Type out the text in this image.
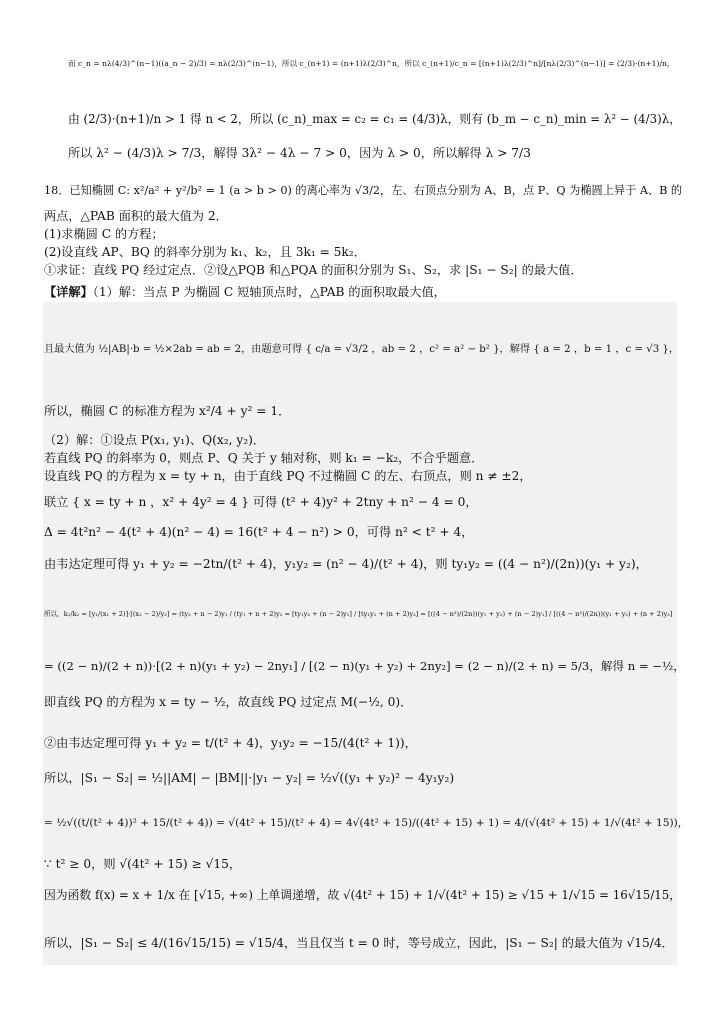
而 c_n = nλ(4/3)^(n−1)((a_n − 2)/3) = nλ(2/3)^(n−1)，所以 c_(n+1) = (n+1)λ(2/3)^n，所以 c_(n+1)/c_n = [(n+1)λ(2/3)^n]/[nλ(2/3)^(n−1)] = (2/3)·(n+1)/n，
由 (2/3)·(n+1)/n > 1 得 n < 2，所以 (c_n)_max = c₂ = c₁ = (4/3)λ，则有 (b_m − c_n)_min = λ² − (4/3)λ，
所以 λ² − (4/3)λ > 7/3，解得 3λ² − 4λ − 7 > 0，因为 λ > 0，所以解得 λ > 7/3
18．已知椭圆 C: x²/a² + y²/b² = 1 (a > b > 0) 的离心率为 √3/2，左、右顶点分别为 A、B，点 P、Q 为椭圆上异于 A、B 的
两点，△PAB 面积的最大值为 2．
(1)求椭圆 C 的方程；
(2)设直线 AP、BQ 的斜率分别为 k₁、k₂，且 3k₁ = 5k₂．
①求证：直线 PQ 经过定点．②设△PQB 和△PQA 的面积分别为 S₁、S₂，求 |S₁ − S₂| 的最大值．
【详解】（1）解：当点 P 为椭圆 C 短轴顶点时，△PAB 的面积取最大值，
且最大值为 ½|AB|·b = ½×2ab = ab = 2，由题意可得 { c/a = √3/2 ，ab = 2 ，c² = a² − b² }，解得 { a = 2 ，b = 1 ，c = √3 }，
所以，椭圆 C 的标准方程为 x²/4 + y² = 1．
（2）解：①设点 P(x₁, y₁)、Q(x₂, y₂)．
若直线 PQ 的斜率为 0，则点 P、Q 关于 y 轴对称，则 k₁ = −k₂，不合乎题意．
设直线 PQ 的方程为 x = ty + n，由于直线 PQ 不过椭圆 C 的左、右顶点，则 n ≠ ±2，
联立 { x = ty + n ，x² + 4y² = 4 } 可得 (t² + 4)y² + 2tny + n² − 4 = 0，
Δ = 4t²n² − 4(t² + 4)(n² − 4) = 16(t² + 4 − n²) > 0，可得 n² < t² + 4，
由韦达定理可得 y₁ + y₂ = −2tn/(t² + 4)，y₁y₂ = (n² − 4)/(t² + 4)，则 ty₁y₂ = ((4 − n²)/(2n))(y₁ + y₂)，
所以，k₁/k₂ = [y₁/(x₁ + 2)]·[(x₂ − 2)/y₂] = (ty₂ + n − 2)y₁ / (ty₁ + n + 2)y₂ = [ty₁y₂ + (n − 2)y₁] / [ty₁y₂ + (n + 2)y₂] = [((4 − n²)/(2n))(y₁ + y₂) + (n − 2)y₁] / [((4 − n²)/(2n))(y₁ + y₂) + (n + 2)y₂]
= ((2 − n)/(2 + n))·[(2 + n)(y₁ + y₂) − 2ny₁] / [(2 − n)(y₁ + y₂) + 2ny₂] = (2 − n)/(2 + n) = 5/3，解得 n = −½，
即直线 PQ 的方程为 x = ty − ½，故直线 PQ 过定点 M(−½, 0)．
②由韦达定理可得 y₁ + y₂ = t/(t² + 4)，y₁y₂ = −15/(4(t² + 1))，
所以，|S₁ − S₂| = ½||AM| − |BM||·|y₁ − y₂| = ½√((y₁ + y₂)² − 4y₁y₂)
= ½√((t/(t² + 4))² + 15/(t² + 4)) = √(4t² + 15)/(t² + 4) = 4√(4t² + 15)/((4t² + 15) + 1) = 4/(√(4t² + 15) + 1/√(4t² + 15))，
∵ t² ≥ 0，则 √(4t² + 15) ≥ √15，
因为函数 f(x) = x + 1/x 在 [√15, +∞) 上单调递增，故 √(4t² + 15) + 1/√(4t² + 15) ≥ √15 + 1/√15 = 16√15/15，
所以，|S₁ − S₂| ≤ 4/(16√15/15) = √15/4，当且仅当 t = 0 时，等号成立，因此，|S₁ − S₂| 的最大值为 √15/4．
